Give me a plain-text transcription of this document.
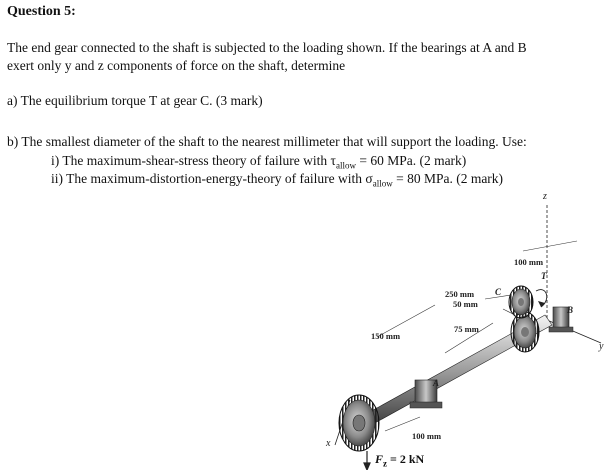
Question 5:
The end gear connected to the shaft is subjected to the loading shown. If the bearings at A and B
exert only y and z components of force on the shaft, determine
a) The equilibrium torque T at gear C. (3 mark)
b) The smallest diameter of the shaft to the nearest millimeter that will support the loading. Use:
i) The maximum-shear-stress theory of failure with $\tau_{allow} = 60$ MPa. (2 mark)
ii) The maximum-distortion-energy-theory of failure with $\sigma_{allow} = 80$ MPa. (2 mark)
100 mm
250 mm
50 mm
75 mm
150 mm
100 mm
C
T
B
A
z
y
x
$F_z = 2$ kN
